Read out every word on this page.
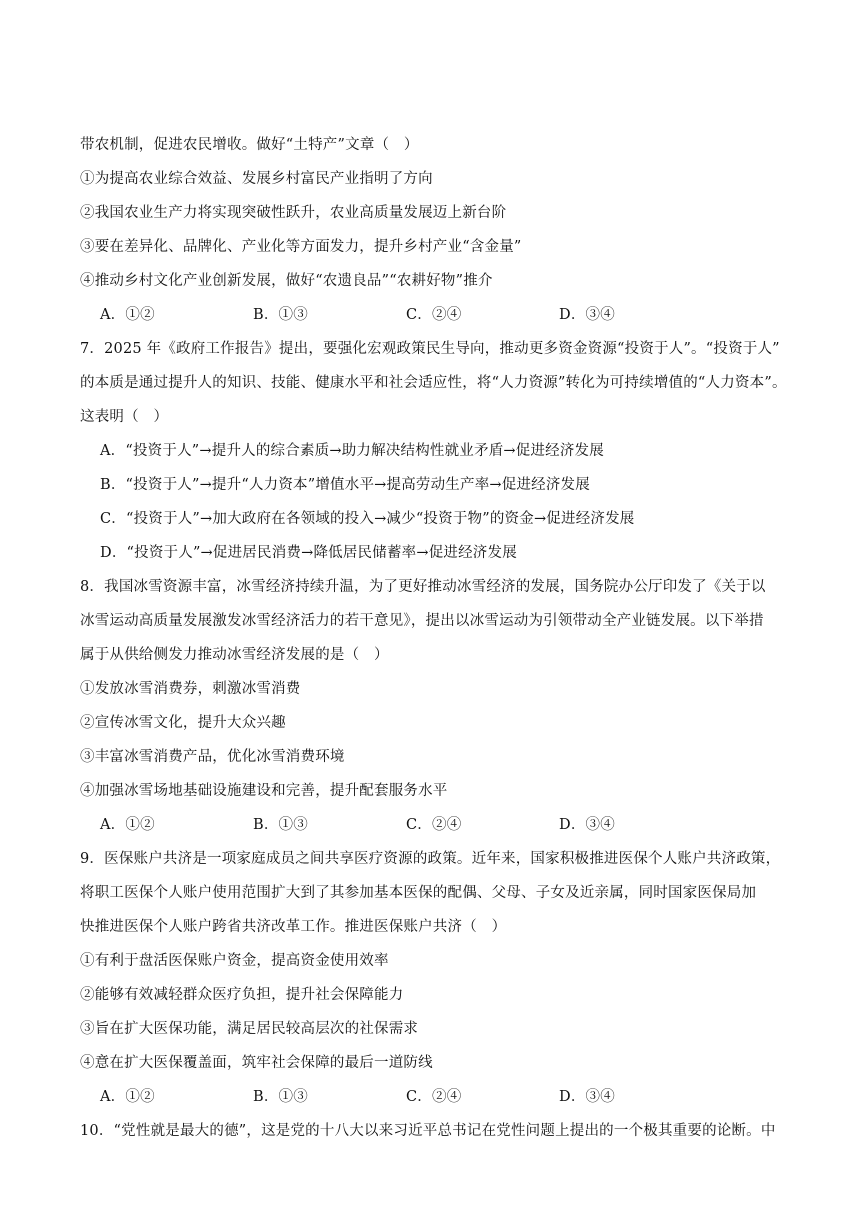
带农机制，促进农民增收。做好“土特产”文章（　）
①为提高农业综合效益、发展乡村富民产业指明了方向
②我国农业生产力将实现突破性跃升，农业高质量发展迈上新台阶
③要在差异化、品牌化、产业化等方面发力，提升乡村产业“含金量”
④推动乡村文化产业创新发展，做好“农遗良品”“农耕好物”推介
A．①②	B．①③	C．②④	D．③④
7．2025 年《政府工作报告》提出，要强化宏观政策民生导向，推动更多资金资源“投资于人”。“投资于人”
的本质是通过提升人的知识、技能、健康水平和社会适应性，将“人力资源”转化为可持续增值的“人力资本”。
这表明（　）
A．“投资于人”→提升人的综合素质→助力解决结构性就业矛盾→促进经济发展
B．“投资于人”→提升“人力资本”增值水平→提高劳动生产率→促进经济发展
C．“投资于人”→加大政府在各领域的投入→减少“投资于物”的资金→促进经济发展
D．“投资于人”→促进居民消费→降低居民储蓄率→促进经济发展
8．我国冰雪资源丰富，冰雪经济持续升温，为了更好推动冰雪经济的发展，国务院办公厅印发了《关于以
冰雪运动高质量发展激发冰雪经济活力的若干意见》，提出以冰雪运动为引领带动全产业链发展。以下举措
属于从供给侧发力推动冰雪经济发展的是（　）
①发放冰雪消费券，刺激冰雪消费
②宣传冰雪文化，提升大众兴趣
③丰富冰雪消费产品，优化冰雪消费环境
④加强冰雪场地基础设施建设和完善，提升配套服务水平
A．①②	B．①③	C．②④	D．③④
9．医保账户共济是一项家庭成员之间共享医疗资源的政策。近年来，国家积极推进医保个人账户共济政策，
将职工医保个人账户使用范围扩大到了其参加基本医保的配偶、父母、子女及近亲属，同时国家医保局加
快推进医保个人账户跨省共济改革工作。推进医保账户共济（　）
①有利于盘活医保账户资金，提高资金使用效率
②能够有效减轻群众医疗负担，提升社会保障能力
③旨在扩大医保功能，满足居民较高层次的社保需求
④意在扩大医保覆盖面，筑牢社会保障的最后一道防线
A．①②	B．①③	C．②④	D．③④
10．“党性就是最大的德”，这是党的十八大以来习近平总书记在党性问题上提出的一个极其重要的论断。中
